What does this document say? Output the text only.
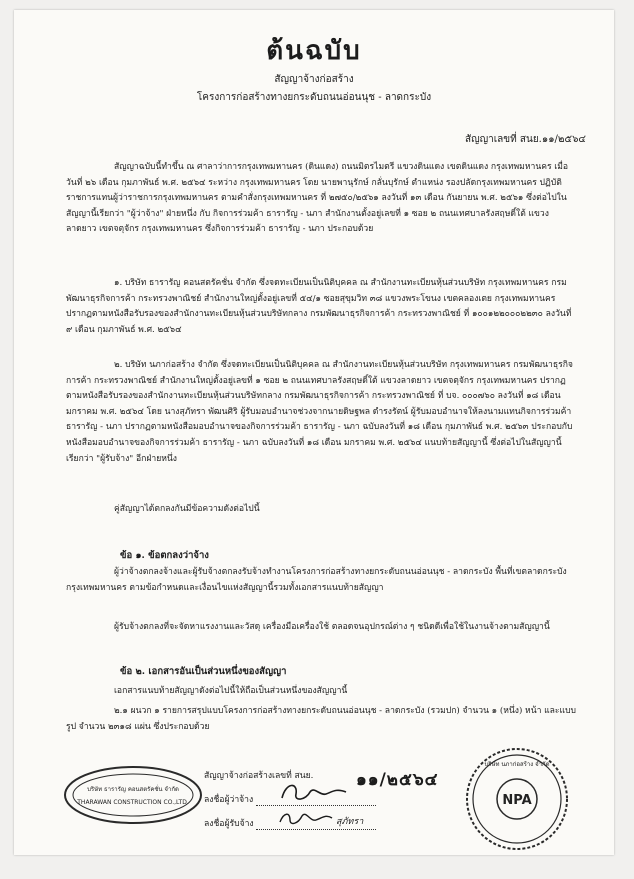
ต้นฉบับ
สัญญาจ้างก่อสร้าง
โครงการก่อสร้างทางยกระดับถนนอ่อนนุช - ลาดกระบัง
สัญญาเลขที่ สนย.๑๑/๒๕๖๔

สัญญาฉบับนี้ทำขึ้น ณ ศาลาว่าการกรุงเทพมหานคร (ดินแดง) ถนนมิตรไมตรี แขวงดินแดง เขตดินแดง กรุงเทพมหานคร เมื่อวันที่ ๒๖ เดือน กุมภาพันธ์ พ.ศ. ๒๕๖๔ ระหว่าง กรุงเทพมหานคร โดย นายพานุรักษ์ กลั่นบุรักษ์ ตำแหน่ง รองปลัดกรุงเทพมหานคร ปฏิบัติราชการแทนผู้ว่าราชการกรุงเทพมหานคร ตามคำสั่งกรุงเทพมหานคร ที่ ๒๗๕๐/๒๕๖๑ ลงวันที่ ๑๓ เดือน กันยายน พ.ศ. ๒๕๖๑ ซึ่งต่อไปในสัญญานี้เรียกว่า "ผู้ว่าจ้าง" ฝ่ายหนึ่ง กับ กิจการร่วมค้า ธารารัญ - นภา สำนักงานตั้งอยู่เลขที่ ๑ ซอย ๒ ถนนเทศบาลรังสฤษดิ์ใต้ แขวงลาดยาว เขตจตุจักร กรุงเทพมหานคร ซึ่งกิจการร่วมค้า ธารารัญ - นภา ประกอบด้วย

๑. บริษัท ธารารัญ คอนสตรัคชั่น จำกัด ซึ่งจดทะเบียนเป็นนิติบุคคล ณ สำนักงานทะเบียนหุ้นส่วนบริษัท กรุงเทพมหานคร กรมพัฒนาธุรกิจการค้า กระทรวงพาณิชย์ สำนักงานใหญ่ตั้งอยู่เลขที่ ๕๔/๑ ซอยสุขุมวิท ๓๘ แขวงพระโขนง เขตคลองเตย กรุงเทพมหานคร ปรากฏตามหนังสือรับรองของสำนักงานทะเบียนหุ้นส่วนบริษัทกลาง กรมพัฒนาธุรกิจการค้า กระทรวงพาณิชย์ ที่ ๑๐๐๑๒๒๐๐๐๒๒๓๐ ลงวันที่ ๙ เดือน กุมภาพันธ์ พ.ศ. ๒๕๖๔

๒. บริษัท นภาก่อสร้าง จำกัด ซึ่งจดทะเบียนเป็นนิติบุคคล ณ สำนักงานทะเบียนหุ้นส่วนบริษัท กรุงเทพมหานคร กรมพัฒนาธุรกิจการค้า กระทรวงพาณิชย์ สำนักงานใหญ่ตั้งอยู่เลขที่ ๑ ซอย ๒ ถนนเทศบาลรังสฤษดิ์ใต้ แขวงลาดยาว เขตจตุจักร กรุงเทพมหานคร ปรากฏตามหนังสือรับรองของสำนักงานทะเบียนหุ้นส่วนบริษัทกลาง กรมพัฒนาธุรกิจการค้า กระทรวงพาณิชย์ ที่ บจ. ๐๐๐๗๖๐ ลงวันที่ ๑๘ เดือน มกราคม พ.ศ. ๒๕๖๔ โดย นางสุภัทรา พัฒนศิริ ผู้รับมอบอำนาจช่วงจากนายดิษฐพล ดำรงรัตน์ ผู้รับมอบอำนาจให้ลงนามแทนกิจการร่วมค้า ธารารัญ - นภา ปรากฏตามหนังสือมอบอำนาจของกิจการร่วมค้า ธารารัญ - นภา ฉบับลงวันที่ ๑๘ เดือน กุมภาพันธ์ พ.ศ. ๒๕๖๓ ประกอบกับหนังสือมอบอำนาจของกิจการร่วมค้า ธารารัญ - นภา ฉบับลงวันที่ ๑๘ เดือน มกราคม พ.ศ. ๒๕๖๔ แนบท้ายสัญญานี้ ซึ่งต่อไปในสัญญานี้เรียกว่า "ผู้รับจ้าง" อีกฝ่ายหนึ่ง

คู่สัญญาได้ตกลงกันมีข้อความดังต่อไปนี้

ข้อ ๑. ข้อตกลงว่าจ้าง

ผู้ว่าจ้างตกลงจ้างและผู้รับจ้างตกลงรับจ้างทำงานโครงการก่อสร้างทางยกระดับถนนอ่อนนุช - ลาดกระบัง พื้นที่เขตลาดกระบัง กรุงเทพมหานคร ตามข้อกำหนดและเงื่อนไขแห่งสัญญานี้รวมทั้งเอกสารแนบท้ายสัญญา

ผู้รับจ้างตกลงที่จะจัดหาแรงงานและวัสดุ เครื่องมือเครื่องใช้ ตลอดจนอุปกรณ์ต่าง ๆ ชนิดดีเพื่อใช้ในงานจ้างตามสัญญานี้

ข้อ ๒. เอกสารอันเป็นส่วนหนึ่งของสัญญา

เอกสารแนบท้ายสัญญาดังต่อไปนี้ให้ถือเป็นส่วนหนึ่งของสัญญานี้

๒.๑ ผนวก ๑ รายการสรุปแบบโครงการก่อสร้างทางยกระดับถนนอ่อนนุช - ลาดกระบัง (รวมปก) จำนวน ๑ (หนึ่ง) หน้า และแบบรูป จำนวน ๒๓๑๘ แผ่น ซึ่งประกอบด้วย

บริษัท ธารารัญ คอนสตรัคชั่น จำกัด
THARAWAN CONSTRUCTION CO.,LTD.
สัญญาจ้างก่อสร้างเลขที่ สนย.	๑๑/๒๕๖๔
ลงชื่อผู้ว่าจ้าง
ลงชื่อผู้รับจ้าง	สุภัทรา
NPA
บริษัท นภาก่อสร้าง จำกัด
